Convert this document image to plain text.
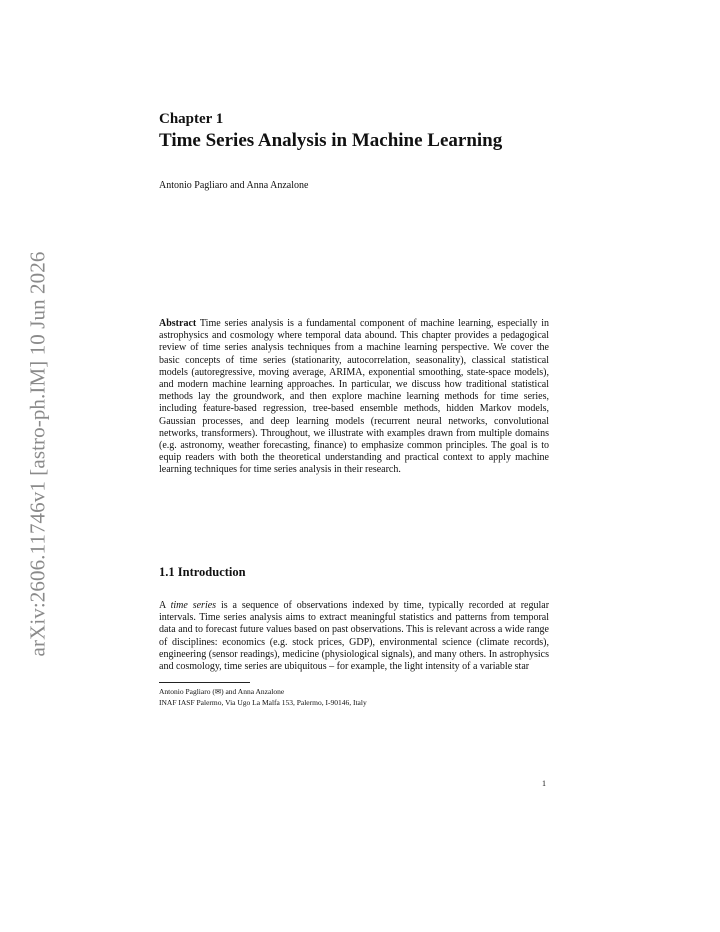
arXiv:2606.11746v1 [astro-ph.IM] 10 Jun 2026
Chapter 1
Time Series Analysis in Machine Learning

Antonio Pagliaro and Anna Anzalone

Abstract Time series analysis is a fundamental component of machine learning, especially in astrophysics and cosmology where temporal data abound. This chapter provides a pedagogical review of time series analysis techniques from a machine learning perspective. We cover the basic concepts of time series (stationarity, autocorrelation, seasonality), classical statistical models (autoregressive, moving average, ARIMA, exponential smoothing, state-space models), and modern machine learning approaches. In particular, we discuss how traditional statistical methods lay the groundwork, and then explore machine learning methods for time series, including feature-based regression, tree-based ensemble methods, hidden Markov models, Gaussian processes, and deep learning models (recurrent neural networks, convolutional networks, transformers). Throughout, we illustrate with examples drawn from multiple domains (e.g. astronomy, weather forecasting, finance) to emphasize common principles. The goal is to equip readers with both the theoretical understanding and practical context to apply machine learning techniques for time series analysis in their research.

1.1 Introduction

A time series is a sequence of observations indexed by time, typically recorded at regular intervals. Time series analysis aims to extract meaningful statistics and patterns from temporal data and to forecast future values based on past observations. This is relevant across a wide range of disciplines: economics (e.g. stock prices, GDP), environmental science (climate records), engineering (sensor readings), medicine (physiological signals), and many others. In astrophysics and cosmology, time series are ubiquitous – for example, the light intensity of a variable star

Antonio Pagliaro (✉) and Anna Anzalone
INAF IASF Palermo, Via Ugo La Malfa 153, Palermo, I-90146, Italy
1
